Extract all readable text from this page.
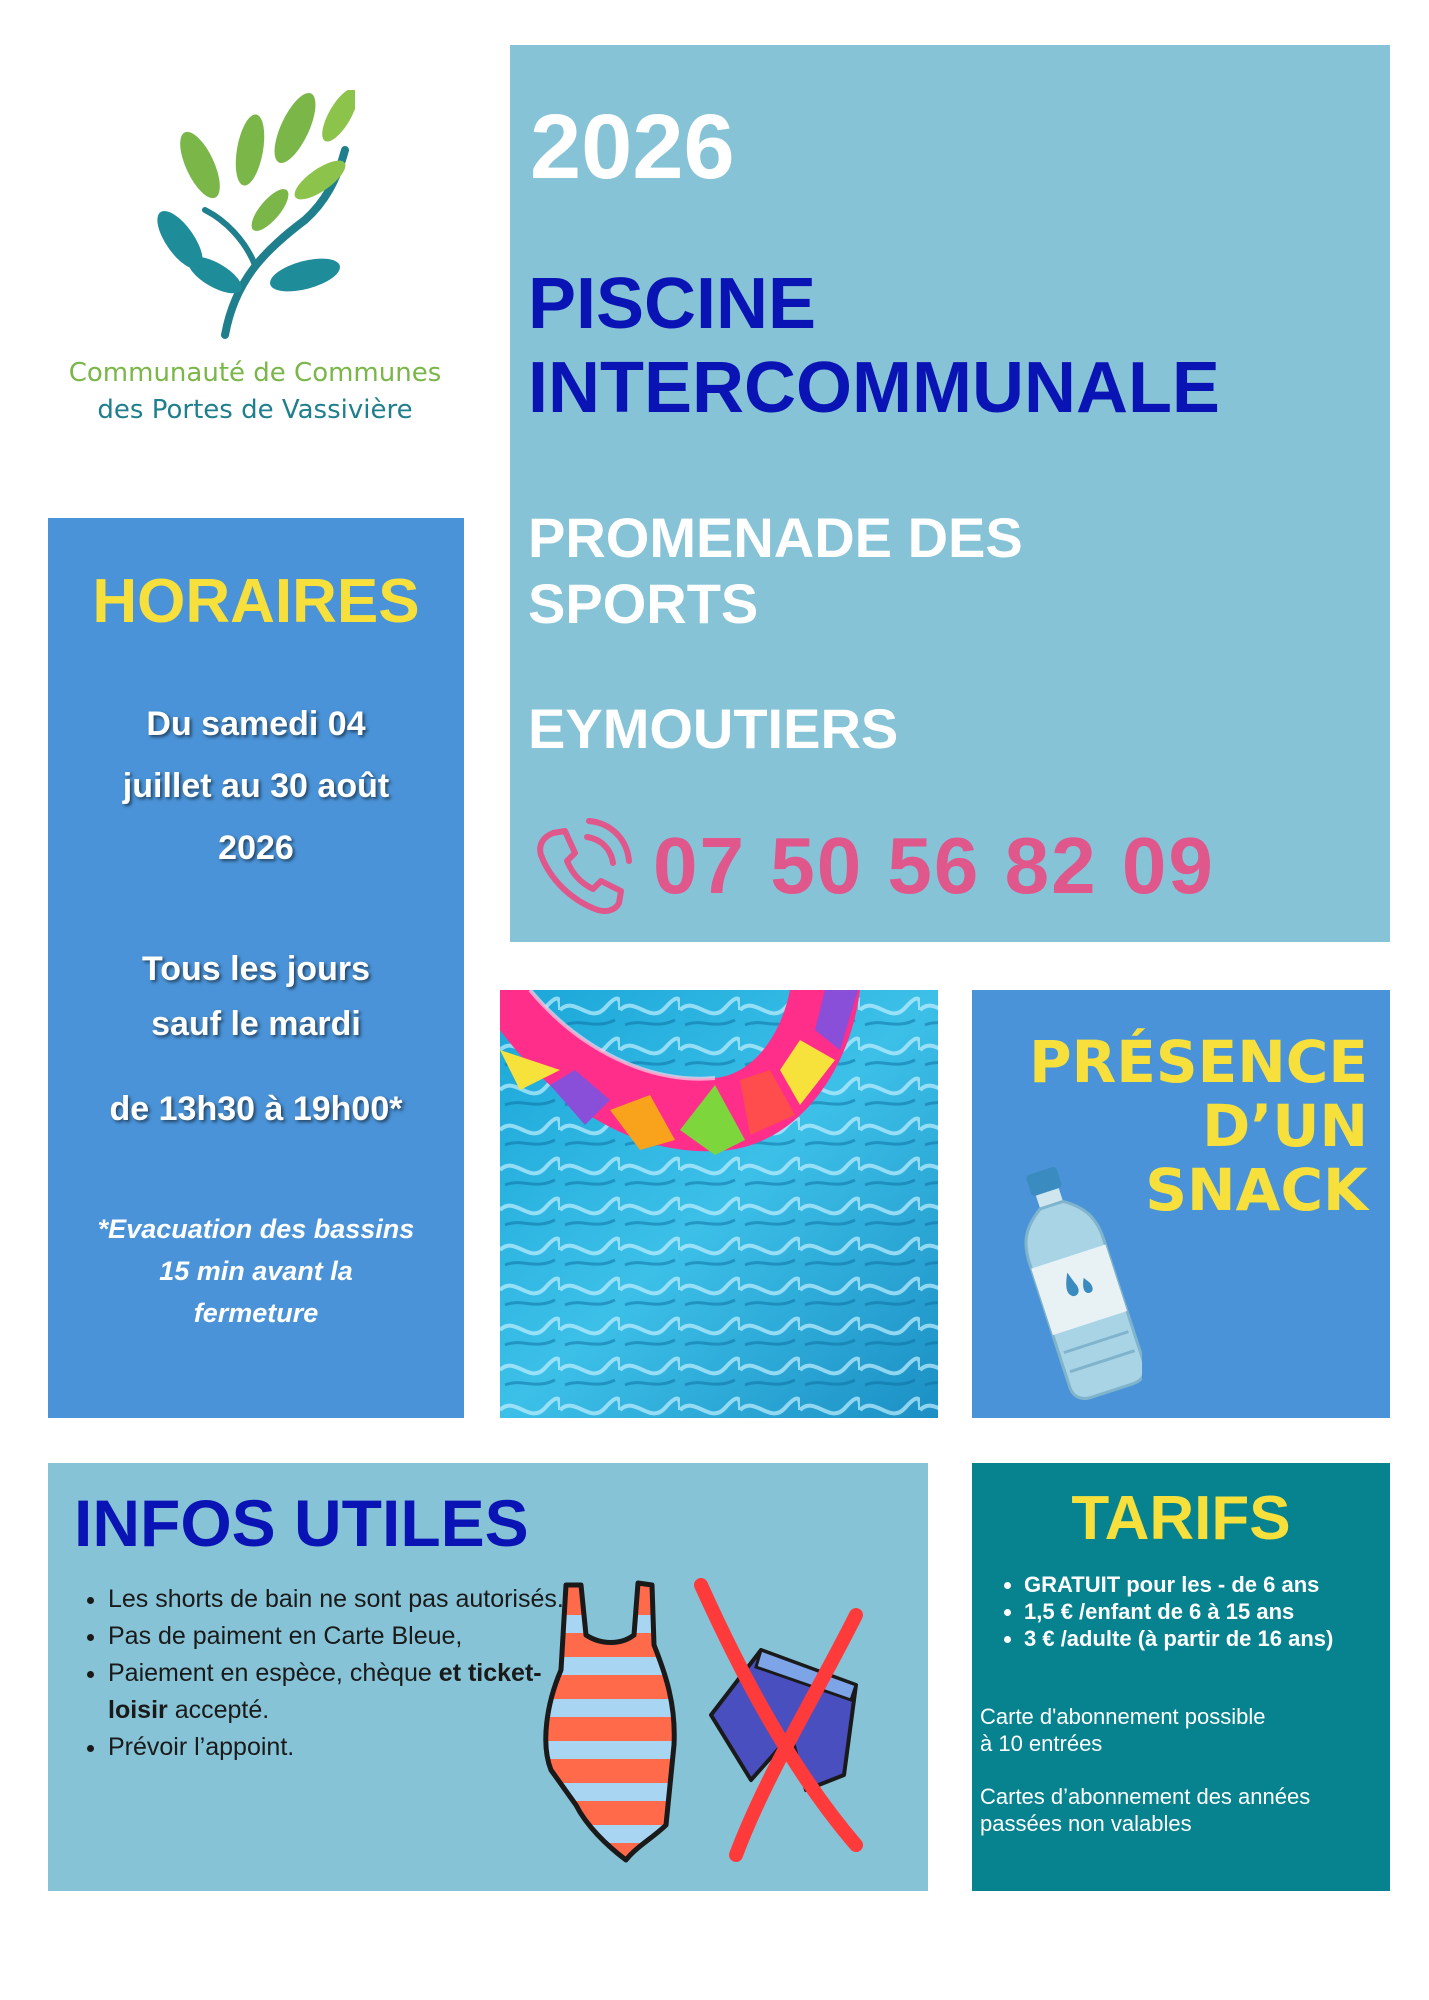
Communauté de Communes
des Portes de Vassivière
2026
PISCINE
INTERCOMMUNALE
PROMENADE DES
SPORTS
EYMOUTIERS
07 50 56 82 09
HORAIRES
Du samedi 04
juillet au 30 août
2026
Tous les jours
sauf le mardi
de 13h30 à 19h00*
*Evacuation des bassins
15 min avant la
fermeture
PRÉSENCE
D’UN
SNACK
INFOS UTILES
• Les shorts de bain ne sont pas autorisés.
• Pas de paiment en Carte Bleue,
• Paiement en espèce, chèque et ticket- loisir accepté.
• Prévoir l’appoint.
TARIFS
• GRATUIT pour les - de 6 ans
• 1,5 € /enfant de 6 à 15 ans
• 3 € /adulte (à partir de 16 ans)
Carte d'abonnement possible
à 10 entrées
Cartes d’abonnement des années
passées non valables
